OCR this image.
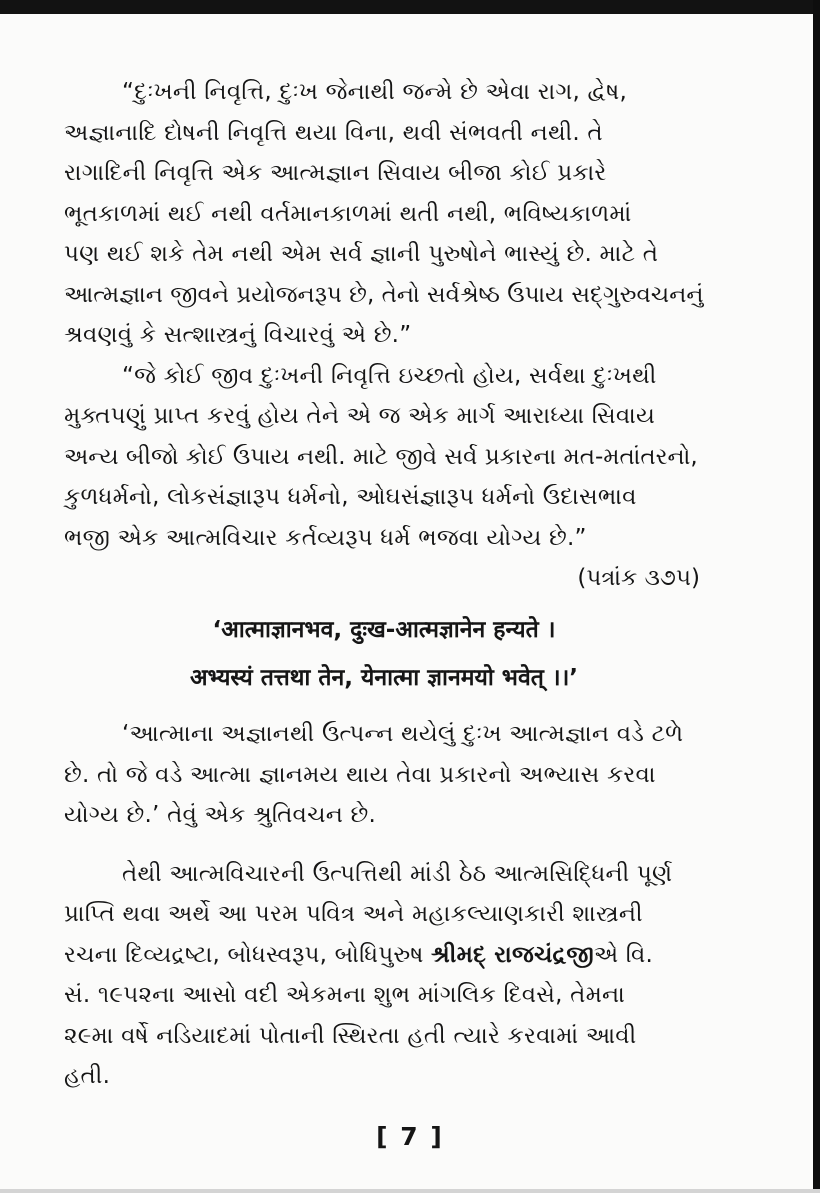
“દુઃખની નિવૃત્તિ, દુઃખ જેનાથી જન્મે છે એવા રાગ, દ્વેષ,
અજ્ઞાનાદિ દોષની નિવૃત્તિ થયા વિના, થવી સંભવતી નથી. તે
રાગાદિની નિવૃત્તિ એક આત્મજ્ઞાન સિવાય બીજા કોઈ પ્રકારે
ભૂતકાળમાં થઈ નથી વર્તમાનકાળમાં થતી નથી, ભવિષ્યકાળમાં
પણ થઈ શકે તેમ નથી એમ સર્વ જ્ઞાની પુરુષોને ભાસ્યું છે. માટે તે
આત્મજ્ઞાન જીવને પ્રયોજનરૂપ છે, તેનો સર્વશ્રેષ્ઠ ઉપાય સદ્‌ગુરુવચનનું
શ્રવણવું કે સત્શાસ્ત્રનું વિચારવું એ છે.”

“જે કોઈ જીવ દુઃખની નિવૃત્તિ ઇચ્છતો હોય, સર્વથા દુઃખથી
મુક્તપણું પ્રાપ્ત કરવું હોય તેને એ જ એક માર્ગ આરાધ્યા સિવાય
અન્ય બીજો કોઈ ઉપાય નથી. માટે જીવે સર્વ પ્રકારના મત-મતાંતરનો,
કુળધર્મનો, લોકસંજ્ઞારૂપ ધર્મનો, ઓઘસંજ્ઞારૂપ ધર્મનો ઉદાસભાવ
ભજી એક આત્મવિચાર કર્તવ્યરૂપ ધર્મ ભજવા યોગ્ય છે.”

(પત્રાંક ૩૭૫)

‘आत्माज्ञानभव, दुःख-आत्मज्ञानेन हन्यते ।
अभ्यस्यं तत्तथा तेन, येनात्मा ज्ञानमयो भवेत् ।।’

‘આત્માના અજ્ઞાનથી ઉત્પન્ન થયેલું દુઃખ આત્મજ્ઞાન વડે ટળે
છે. તો જે વડે આત્મા જ્ઞાનમય થાય તેવા પ્રકારનો અભ્યાસ કરવા
યોગ્ય છે.’ તેવું એક શ્રુતિવચન છે.

તેથી આત્મવિચારની ઉત્પત્તિથી માંડી ઠેઠ આત્મસિદ્ધિની પૂર્ણ
પ્રાપ્તિ થવા અર્થે આ પરમ પવિત્ર અને મહાકલ્યાણકારી શાસ્ત્રની
રચના દિવ્યદ્રષ્ટા, બોધસ્વરૂપ, બોધિપુરુષ શ્રીમદ્ રાજચંદ્રજીએ વિ.
સં. ૧૯૫૨ના આસો વદી એકમના શુભ માંગલિક દિવસે, તેમના
૨૯મા વર્ષે નડિયાદમાં પોતાની સ્થિરતા હતી ત્યારે કરવામાં આવી
હતી.

[ 7 ]
